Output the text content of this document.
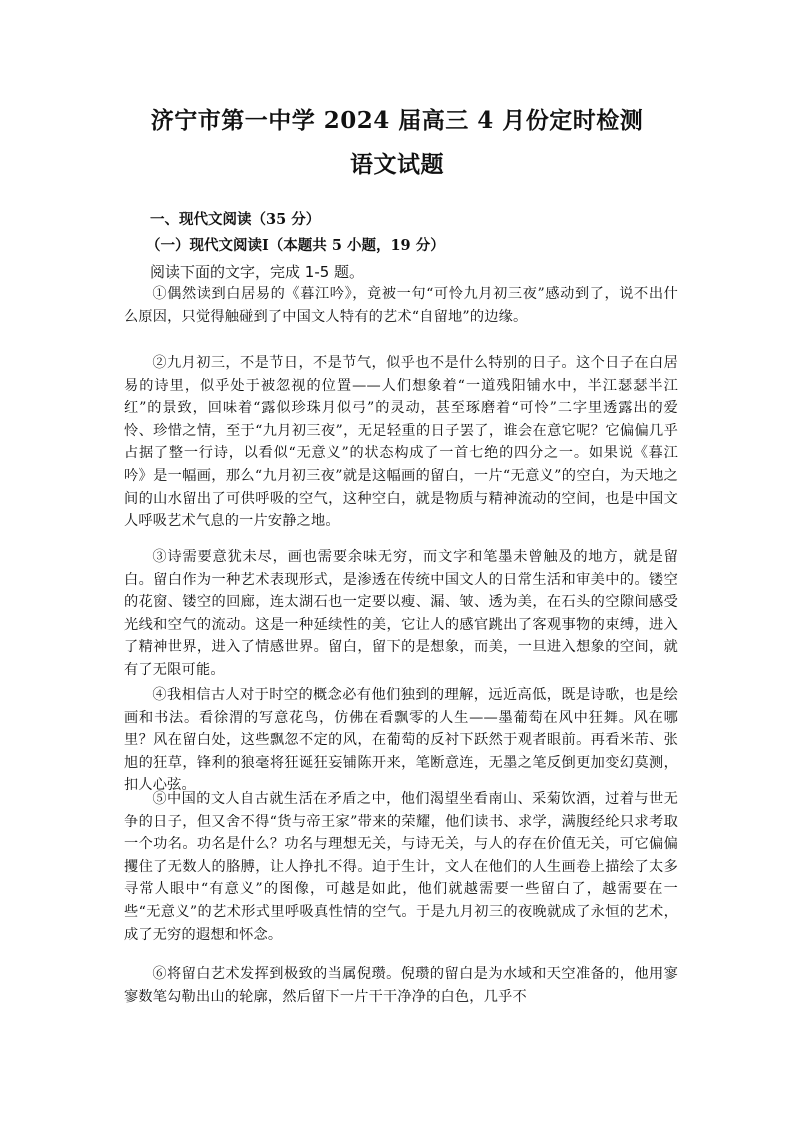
济宁市第一中学 2024 届高三 4 月份定时检测
语文试题
一、现代文阅读（35 分）
（一）现代文阅读Ⅰ（本题共 5 小题，19 分）
阅读下面的文字，完成 1-5 题。
①偶然读到白居易的《暮江吟》，竟被一句“可怜九月初三夜”感动到了，说不出什么原因，只觉得触碰到了中国文人特有的艺术“自留地”的边缘。
②九月初三，不是节日，不是节气，似乎也不是什么特别的日子。这个日子在白居易的诗里，似乎处于被忽视的位置——人们想象着“一道残阳铺水中，半江瑟瑟半江红”的景致，回味着“露似珍珠月似弓”的灵动，甚至琢磨着“可怜”二字里透露出的爱怜、珍惜之情，至于“九月初三夜”，无足轻重的日子罢了，谁会在意它呢？它偏偏几乎占据了整一行诗，以看似“无意义”的状态构成了一首七绝的四分之一。如果说《暮江吟》是一幅画，那么“九月初三夜”就是这幅画的留白，一片“无意义”的空白，为天地之间的山水留出了可供呼吸的空气，这种空白，就是物质与精神流动的空间，也是中国文人呼吸艺术气息的一片安静之地。
③诗需要意犹未尽，画也需要余味无穷，而文字和笔墨未曾触及的地方，就是留白。留白作为一种艺术表现形式，是渗透在传统中国文人的日常生活和审美中的。镂空的花窗、镂空的回廊，连太湖石也一定要以瘦、漏、皱、透为美，在石头的空隙间感受光线和空气的流动。这是一种延续性的美，它让人的感官跳出了客观事物的束缚，进入了精神世界，进入了情感世界。留白，留下的是想象，而美，一旦进入想象的空间，就有了无限可能。
④我相信古人对于时空的概念必有他们独到的理解，远近高低，既是诗歌，也是绘画和书法。看徐渭的写意花鸟，仿佛在看飘零的人生——墨葡萄在风中狂舞。风在哪里？风在留白处，这些飘忽不定的风，在葡萄的反衬下跃然于观者眼前。再看米芾、张旭的狂草，锋利的狼毫将狂诞狂妄铺陈开来，笔断意连，无墨之笔反倒更加变幻莫测，扣人心弦。
⑤中国的文人自古就生活在矛盾之中，他们渴望坐看南山、采菊饮酒，过着与世无争的日子，但又舍不得“货与帝王家”带来的荣耀，他们读书、求学，满腹经纶只求考取一个功名。功名是什么？功名与理想无关，与诗无关，与人的存在价值无关，可它偏偏攫住了无数人的胳膊，让人挣扎不得。迫于生计，文人在他们的人生画卷上描绘了太多寻常人眼中“有意义”的图像，可越是如此，他们就越需要一些留白了，越需要在一些“无意义”的艺术形式里呼吸真性情的空气。于是九月初三的夜晚就成了永恒的艺术，成了无穷的遐想和怀念。
⑥将留白艺术发挥到极致的当属倪瓒。倪瓒的留白是为水域和天空准备的，他用寥寥数笔勾勒出山的轮廓，然后留下一片干干净净的白色，几乎不
